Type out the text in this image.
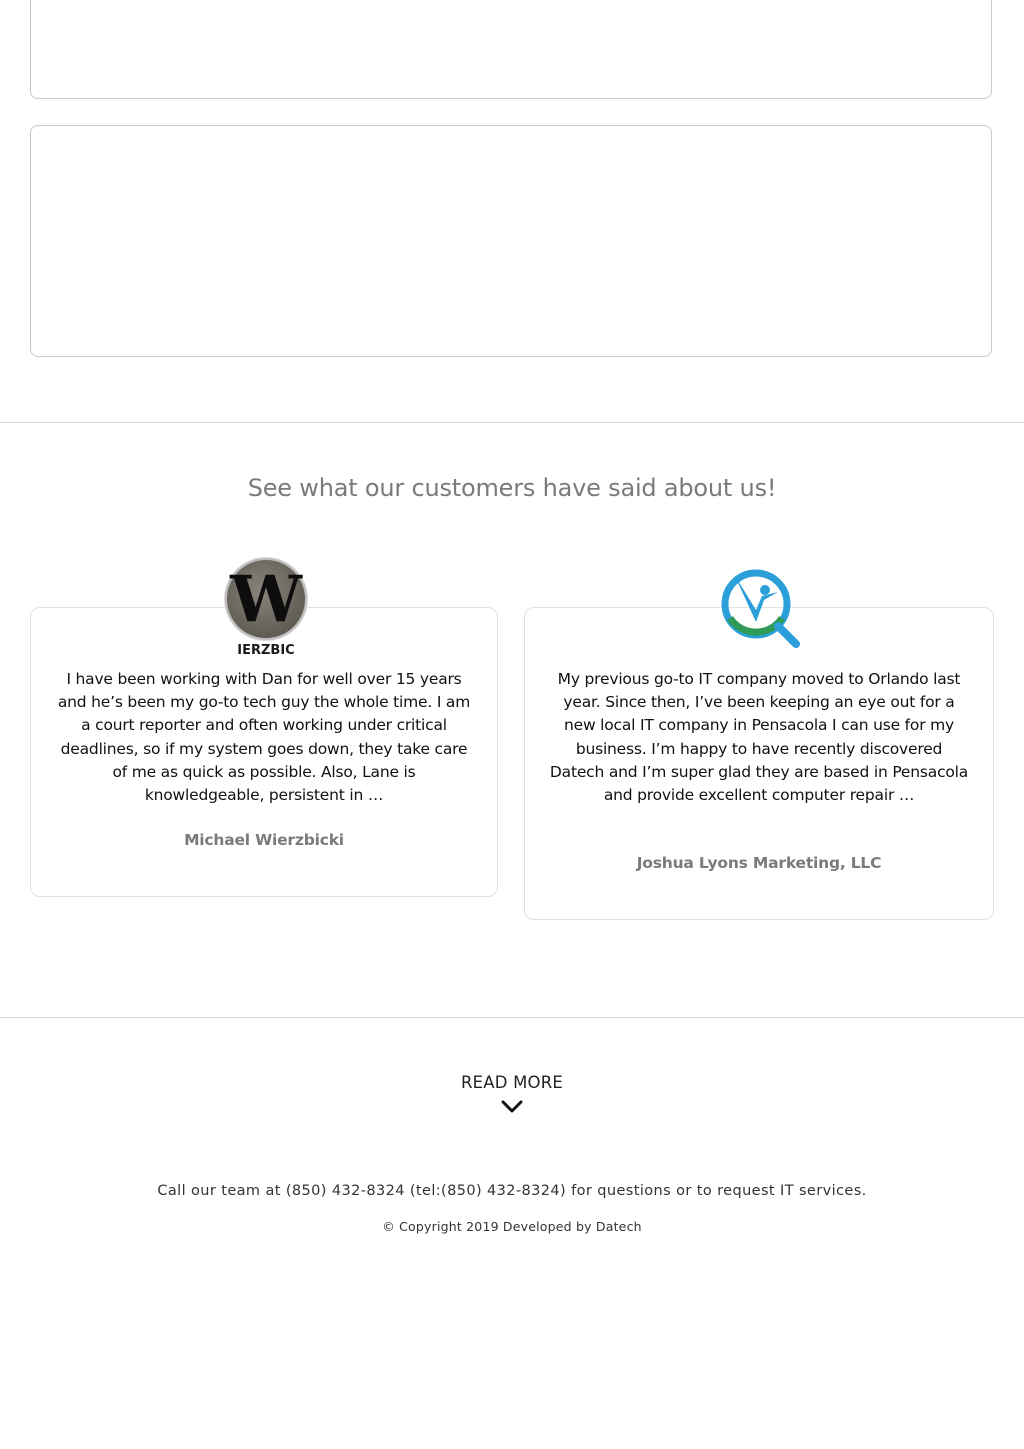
See what our customers have said about us!
I have been working with Dan for well over 15 years and he’s been my go-to tech guy the whole time. I am a court reporter and often working under critical deadlines, so if my system goes down, they take care of me as quick as possible. Also, Lane is knowledgeable, persistent in …
Michael Wierzbicki
My previous go-to IT company moved to Orlando last year. Since then, I’ve been keeping an eye out for a new local IT company in Pensacola I can use for my business. I’m happy to have recently discovered Datech and I’m super glad they are based in Pensacola and provide excellent computer repair …
Joshua Lyons Marketing, LLC
W
IERZBIC
READ MORE
Call our team at (850) 432-8324 (tel:(850) 432-8324) for questions or to request IT services.
© Copyright 2019 Developed by Datech
